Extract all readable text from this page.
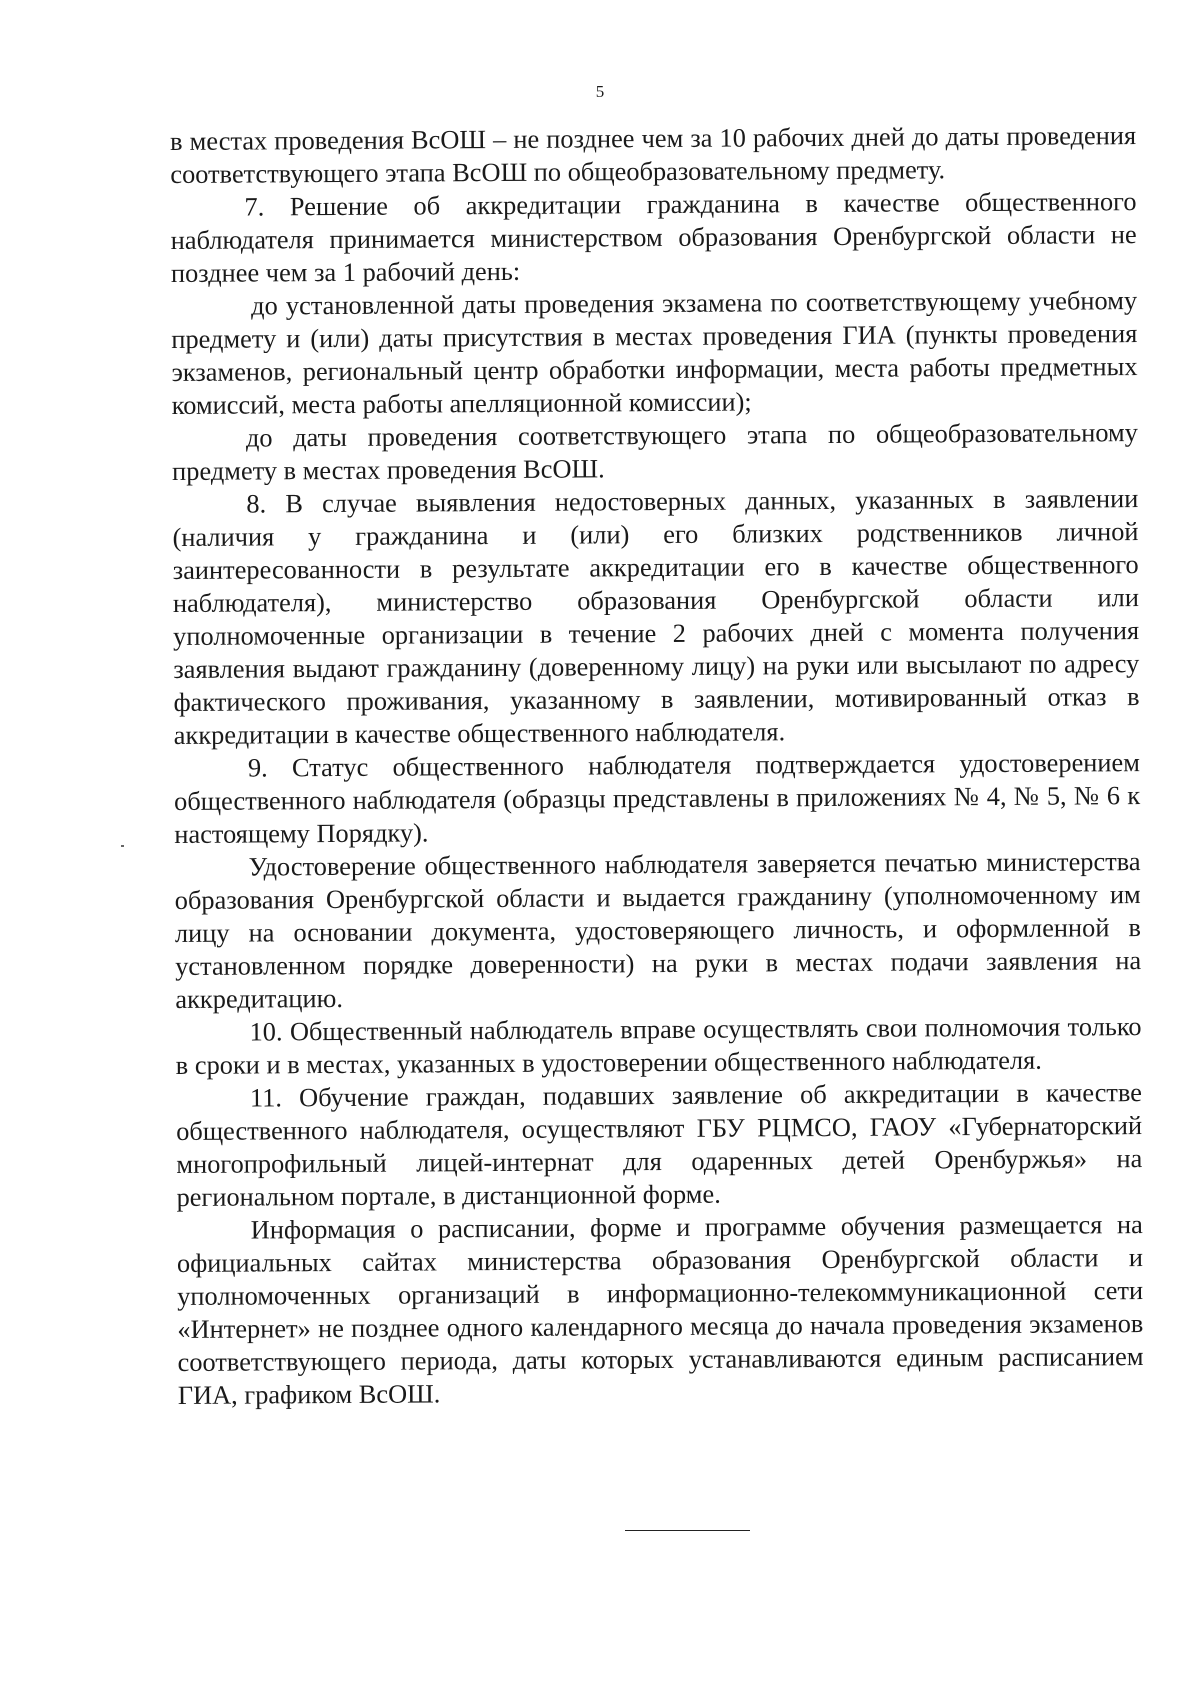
5

в местах проведения ВсОШ – не позднее чем за 10 рабочих дней до даты проведения соответствующего этапа ВсОШ по общеобразовательному предмету.

7. Решение об аккредитации гражданина в качестве общественного наблюдателя принимается министерством образования Оренбургской области не позднее чем за 1 рабочий день:

до установленной даты проведения экзамена по соответствующему учебному предмету и (или) даты присутствия в местах проведения ГИА (пункты проведения экзаменов, региональный центр обработки информации, места работы предметных комиссий, места работы апелляционной комиссии);

до даты проведения соответствующего этапа по общеобразовательному предмету в местах проведения ВсОШ.

8. В случае выявления недостоверных данных, указанных в заявлении (наличия у гражданина и (или) его близких родственников личной заинтересованности в результате аккредитации его в качестве общественного наблюдателя), министерство образования Оренбургской области или уполномоченные организации в течение 2 рабочих дней с момента получения заявления выдают гражданину (доверенному лицу) на руки или высылают по адресу фактического проживания, указанному в заявлении, мотивированный отказ в аккредитации в качестве общественного наблюдателя.

9. Статус общественного наблюдателя подтверждается удостоверением общественного наблюдателя (образцы представлены в приложениях № 4, № 5, № 6 к настоящему Порядку).

Удостоверение общественного наблюдателя заверяется печатью министерства образования Оренбургской области и выдается гражданину (уполномоченному им лицу на основании документа, удостоверяющего личность, и оформленной в установленном порядке доверенности) на руки в местах подачи заявления на аккредитацию.

10. Общественный наблюдатель вправе осуществлять свои полномочия только в сроки и в местах, указанных в удостоверении общественного наблюдателя.

11. Обучение граждан, подавших заявление об аккредитации в качестве общественного наблюдателя, осуществляют ГБУ РЦМСО, ГАОУ «Губернаторский многопрофильный лицей-интернат для одаренных детей Оренбуржья» на региональном портале, в дистанционной форме.

Информация о расписании, форме и программе обучения размещается на официальных сайтах министерства образования Оренбургской области и уполномоченных организаций в информационно-телекоммуникационной сети «Интернет» не позднее одного календарного месяца до начала проведения экзаменов соответствующего периода, даты которых устанавливаются единым расписанием ГИА, графиком ВсОШ.
